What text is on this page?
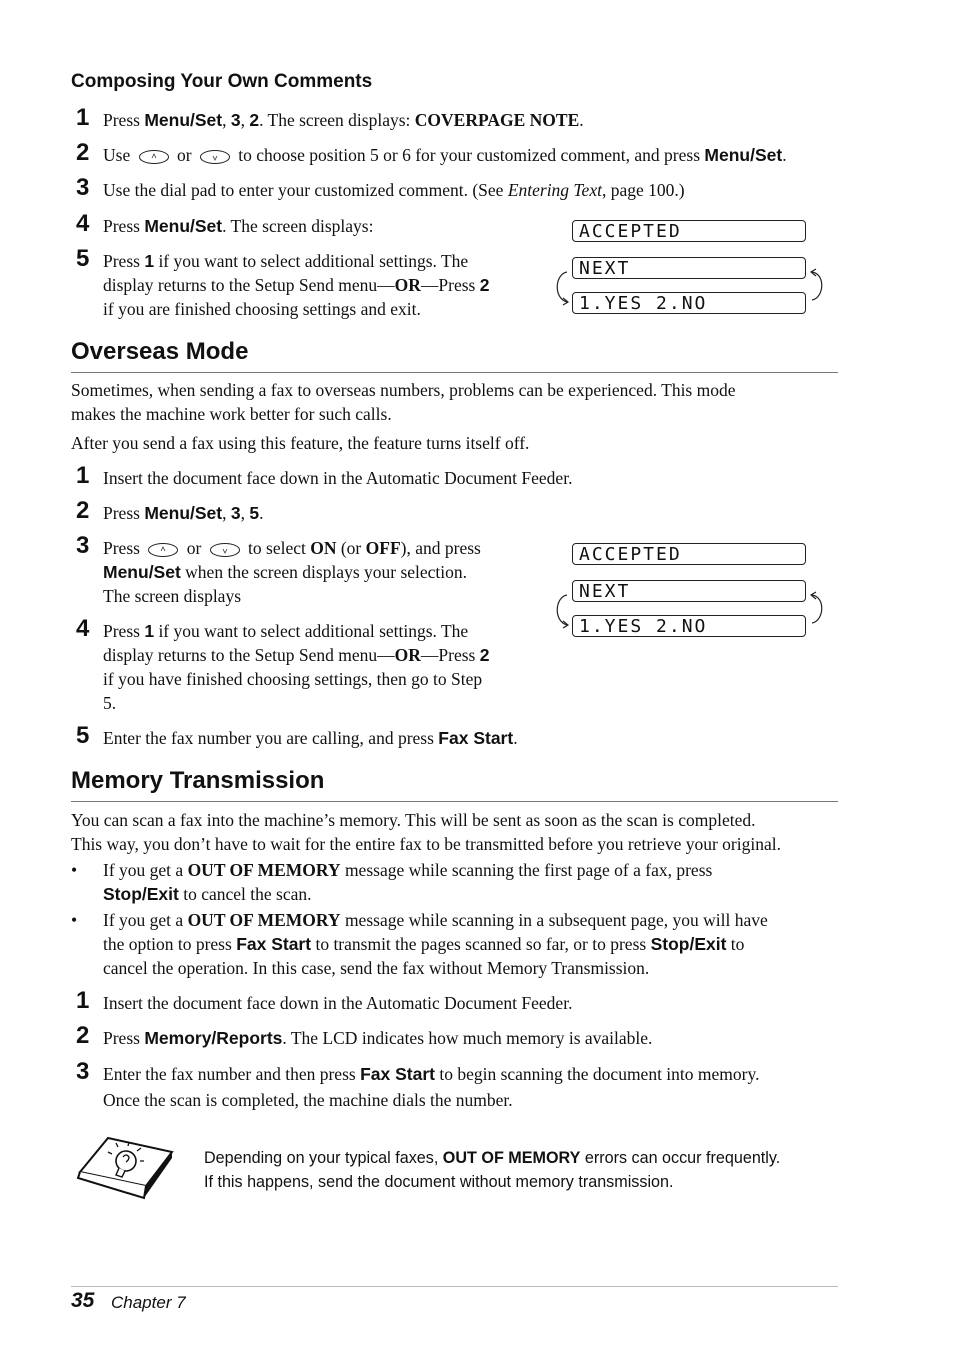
Composing Your Own Comments
1 Press Menu/Set, 3, 2. The screen displays: COVERPAGE NOTE.
2 Use	or	to choose position 5 or 6 for your customized comment, and press Menu/Set.
3 Use the dial pad to enter your customized comment. (See Entering Text, page 100.)
4 Press Menu/Set. The screen displays:
5 Press 1 if you want to select additional settings. The
display returns to the Setup Send menu—OR—Press 2
if you are finished choosing settings and exit.
ACCEPTED
NEXT
1.YES 2.NO
Overseas Mode
Sometimes, when sending a fax to overseas numbers, problems can be experienced. This mode
makes the machine work better for such calls.
After you send a fax using this feature, the feature turns itself off.
1 Insert the document face down in the Automatic Document Feeder.
2 Press Menu/Set, 3, 5.
3 Press	or	to select ON (or OFF), and press
Menu/Set when the screen displays your selection.
The screen displays
4 Press 1 if you want to select additional settings. The
display returns to the Setup Send menu—OR—Press 2
if you have finished choosing settings, then go to Step
5.
5 Enter the fax number you are calling, and press Fax Start.
ACCEPTED
NEXT
1.YES 2.NO
Memory Transmission
You can scan a fax into the machine’s memory. This will be sent as soon as the scan is completed.
This way, you don’t have to wait for the entire fax to be transmitted before you retrieve your original.
• If you get a OUT OF MEMORY message while scanning the first page of a fax, press
Stop/Exit to cancel the scan.
• If you get a OUT OF MEMORY message while scanning in a subsequent page, you will have
the option to press Fax Start to transmit the pages scanned so far, or to press Stop/Exit to
cancel the operation. In this case, send the fax without Memory Transmission.
1 Insert the document face down in the Automatic Document Feeder.
2 Press Memory/Reports. The LCD indicates how much memory is available.
3 Enter the fax number and then press Fax Start to begin scanning the document into memory.
Once the scan is completed, the machine dials the number.
Depending on your typical faxes, OUT OF MEMORY errors can occur frequently.
If this happens, send the document without memory transmission.
35 Chapter 7
